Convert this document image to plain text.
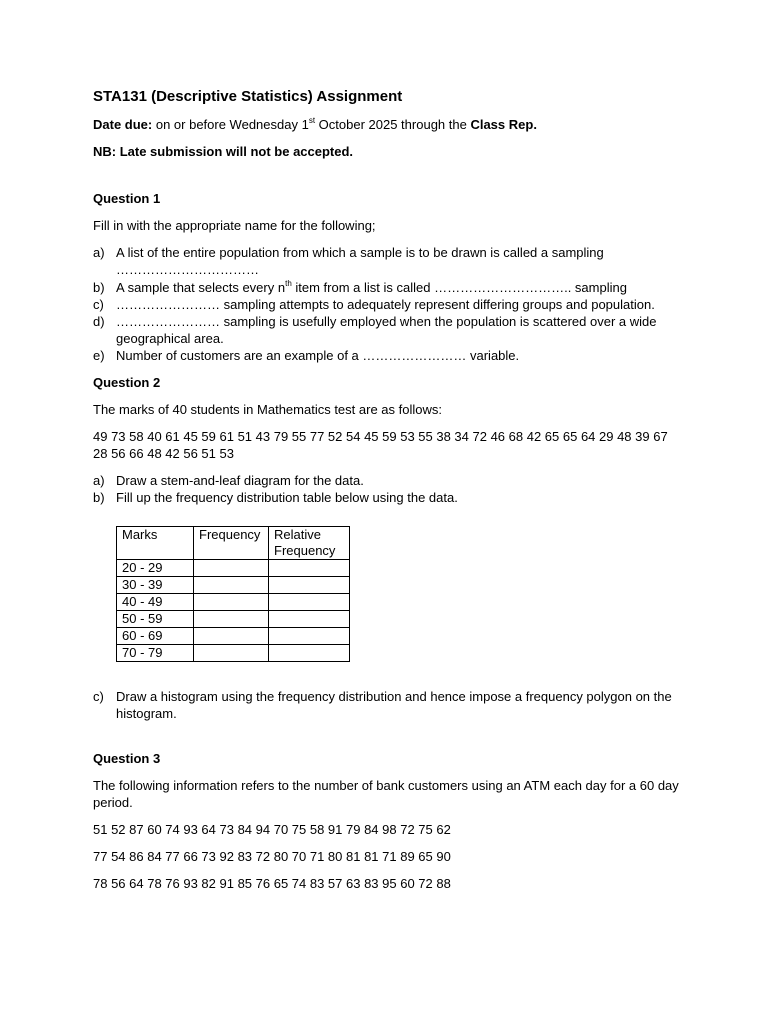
STA131 (Descriptive Statistics) Assignment

Date due: on or before Wednesday 1st October 2025 through the Class Rep.

NB: Late submission will not be accepted.

Question 1

Fill in with the appropriate name for the following;

a) A list of the entire population from which a sample is to be drawn is called a sampling ……………………………
b) A sample that selects every $n^{th}$ item from a list is called ………………………….. sampling
c) …………………… sampling attempts to adequately represent differing groups and population.
d) …………………… sampling is usefully employed when the population is scattered over a wide geographical area.
e) Number of customers are an example of a …………………… variable.

Question 2

The marks of 40 students in Mathematics test are as follows:

49 73 58 40 61 45 59 61 51 43 79 55 77 52 54 45 59 53 55 38 34 72 46 68 42 65 65 64 29 48 39 67 28 56 66 48 42 56 51 53

a) Draw a stem-and-leaf diagram for the data.
b) Fill up the frequency distribution table below using the data.
Marks	Frequency	Relative Frequency
20 - 29		
30 - 39		
40 - 49		
50 - 59		
60 - 69		
70 - 79		
c) Draw a histogram using the frequency distribution and hence impose a frequency polygon on the histogram.

Question 3

The following information refers to the number of bank customers using an ATM each day for a 60 day period.

51 52 87 60 74 93 64 73 84 94 70 75 58 91 79 84 98 72 75 62

77 54 86 84 77 66 73 92 83 72 80 70 71 80 81 81 71 89 65 90

78 56 64 78 76 93 82 91 85 76 65 74 83 57 63 83 95 60 72 88
